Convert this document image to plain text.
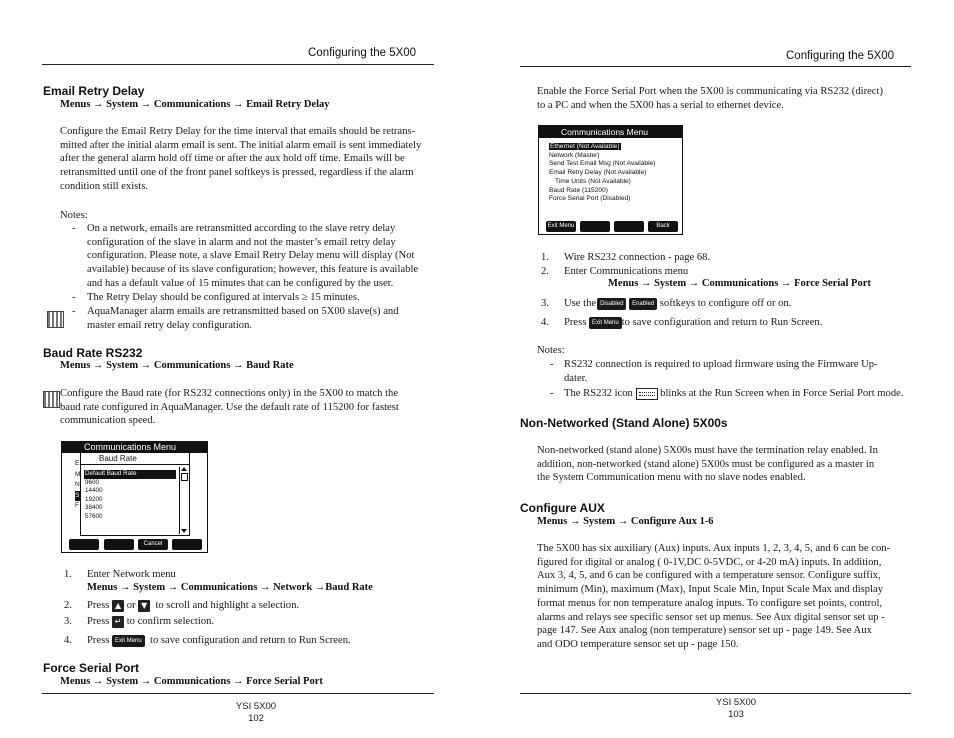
Configuring the 5X00
Email Retry Delay
Menus → System → Communications → Email Retry Delay
Configure the Email Retry Delay for the time interval that emails should be retrans-
mitted after the initial alarm email is sent. The initial alarm email is sent immediately
after the general alarm hold off time or after the aux hold off time. Emails will be
retransmitted until one of the front panel softkeys is pressed, regardless if the alarm
condition still exists.
Notes:
- On a network, emails are retransmitted according to the slave retry delay
configuration of the slave in alarm and not the master’s email retry delay
configuration. Please note, a slave Email Retry Delay menu will display (Not
available) because of its slave configuration; however, this feature is available
and has a default value of 15 minutes that can be configured by the user.
- The Retry Delay should be configured at intervals ≥ 15 minutes.
- AquaManager alarm emails are retransmitted based on 5X00 slave(s) and
master email retry delay configuration.
Baud Rate RS232
Menus → System → Communications → Baud Rate
Configure the Baud rate (for RS232 connections only) in the 5X00 to match the
baud rate configured in AquaManager. Use the default rate of 115200 for fastest
communication speed.
Communications Menu
E
M
N
S
F
Baud Rate
Default Baud Rate
9600
14400
19200
38400
57600
Cancel
1. Enter Network menu
Menus → System → Communications → Network →Baud Rate
2. Press ▲ or ▼ to scroll and highlight a selection.
3. Press ↵ to confirm selection.
4. Press Exit Menu to save configuration and return to Run Screen.
Force Serial Port
Menus → System → Communications → Force Serial Port
YSI 5X00
102
Configuring the 5X00
Enable the Force Serial Port when the 5X00 is communicating via RS232 (direct)
to a PC and when the 5X00 has a serial to ethernet device.
Communications Menu
Ethernet (Not Available)
Network (Master)
Send Test Email Msg (Not Available)
Email Retry Delay (Not Available)
Time Units (Not Available)
Baud Rate (115200)
Force Serial Port (Disabled)
Exit Menu	Back
1. Wire RS232 connection - page 68.
2. Enter Communications menu
Menus → System → Communications → Force Serial Port
3. Use the Disabled Enabled softkeys to configure off or on.
4. Press Exit Menu to save configuration and return to Run Screen.
Notes:
- RS232 connection is required to upload firmware using the Firmware Up-
dater.
- The RS232 icon	blinks at the Run Screen when in Force Serial Port mode.
Non-Networked (Stand Alone) 5X00s
Non-networked (stand alone) 5X00s must have the termination relay enabled. In
addition, non-networked (stand alone) 5X00s must be configured as a master in
the System Communication menu with no slave nodes enabled.
Configure AUX
Menus → System → Configure Aux 1-6
The 5X00 has six auxiliary (Aux) inputs. Aux inputs 1, 2, 3, 4, 5, and 6 can be con-
figured for digital or analog ( 0-1V,DC 0-5VDC, or 4-20 mA) inputs. In addition,
Aux 3, 4, 5, and 6 can be configured with a temperature sensor. Configure suffix,
minimum (Min), maximum (Max), Input Scale Min, Input Scale Max and display
format menus for non temperature analog inputs. To configure set points, control,
alarms and relays see specific sensor set up menus. See Aux digital sensor set up -
page 147. See Aux analog (non temperature) sensor set up - page 149. See Aux
and ODO temperature sensor set up - page 150.
YSI 5X00
103
